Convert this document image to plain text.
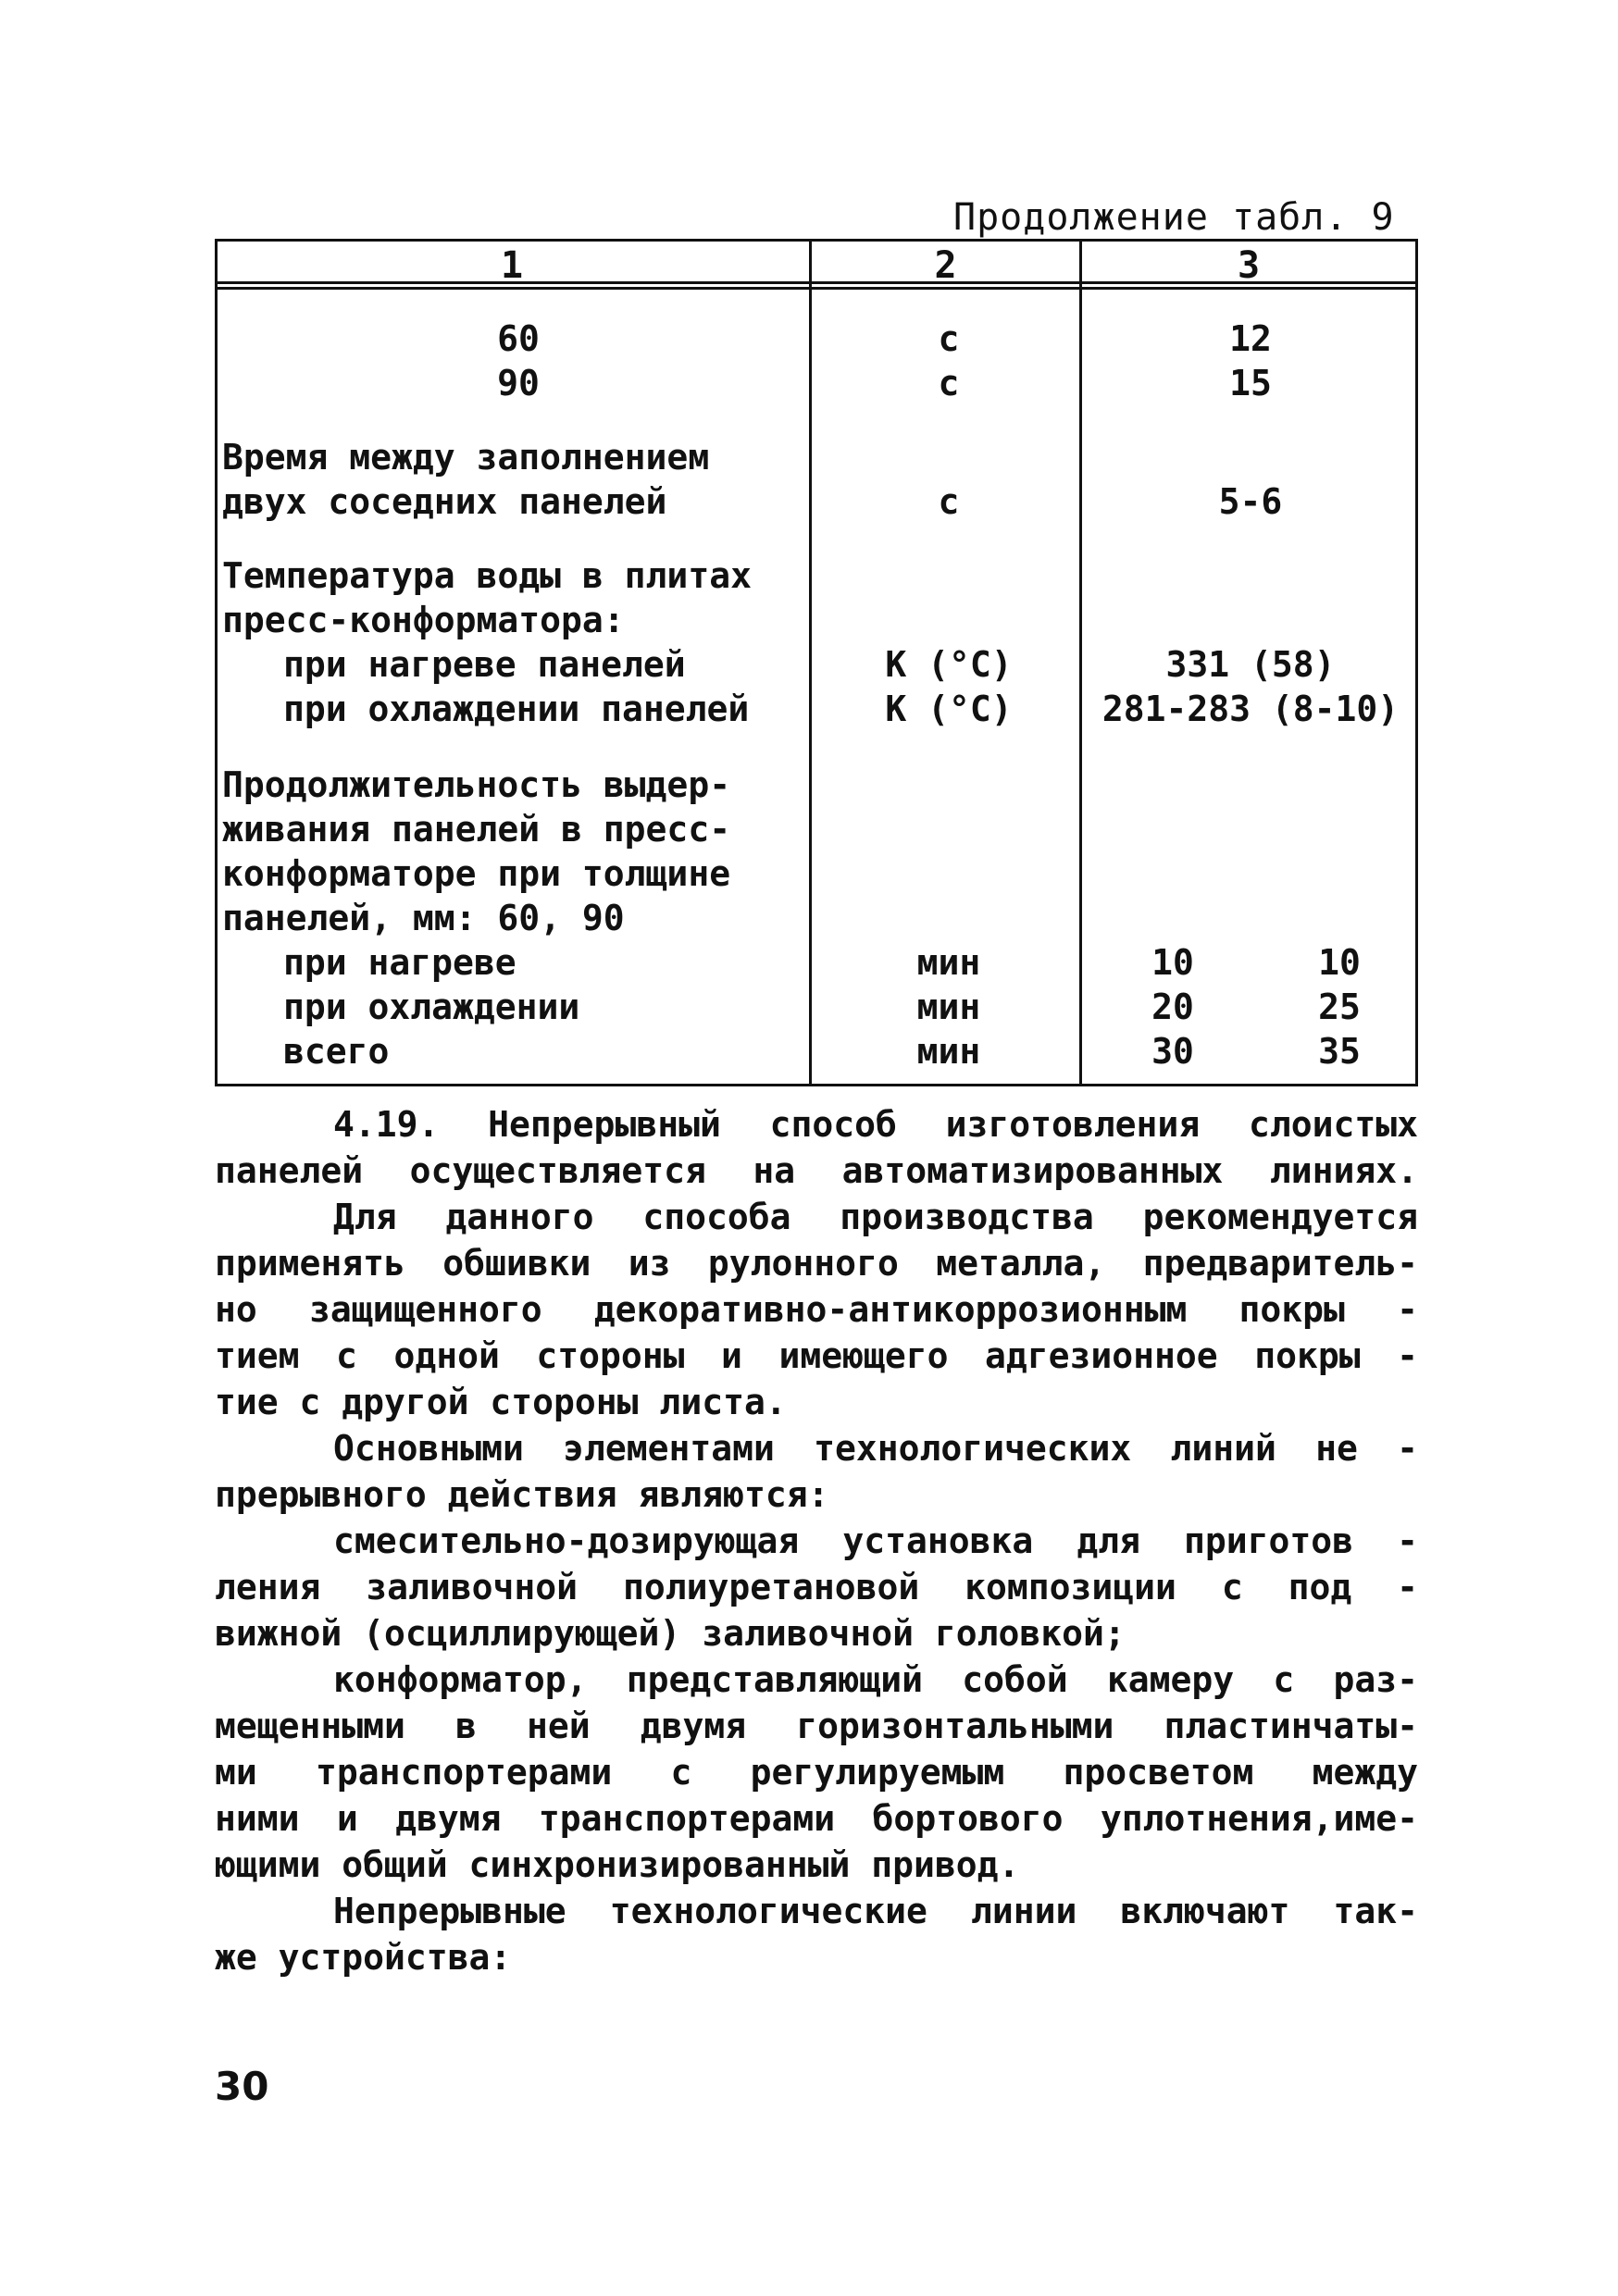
Продолжение табл. 9
1	2	3
60	с	12
90	с	15
Время между заполнением
двух соседних панелей	с	5-6
Температура воды в плитах
пресс-конформатора:
при нагреве панелей	К (°С)	331 (58)
при охлаждении панелей	К (°С)	281-283 (8-10)
Продолжительность выдер-
живания панелей в пресс-
конформаторе при толщине
панелей, мм: 60, 90
при нагреве	мин	10	10
при охлаждении	мин	20	25
всего	мин	30	35
4.19. Непрерывный способ изготовления слоистых
панелей осуществляется на автоматизированных линиях.
Для данного способа производства рекомендуется
применять обшивки из рулонного металла, предваритель-
но защищенного декоративно-антикоррозионным покры -
тием с одной стороны и имеющего адгезионное покры -
тие с другой стороны листа.
Основными элементами технологических линий не -
прерывного действия являются:
смесительно-дозирующая установка для приготов -
ления заливочной полиуретановой композиции с под -
вижной (осциллирующей) заливочной головкой;
конформатор, представляющий собой камеру с раз-
мещенными в ней двумя горизонтальными пластинчаты-
ми транспортерами с регулируемым просветом между
ними и двумя транспортерами бортового уплотнения,име-
ющими общий синхронизированный привод.
Непрерывные технологические линии включают так-
же устройства:
30
